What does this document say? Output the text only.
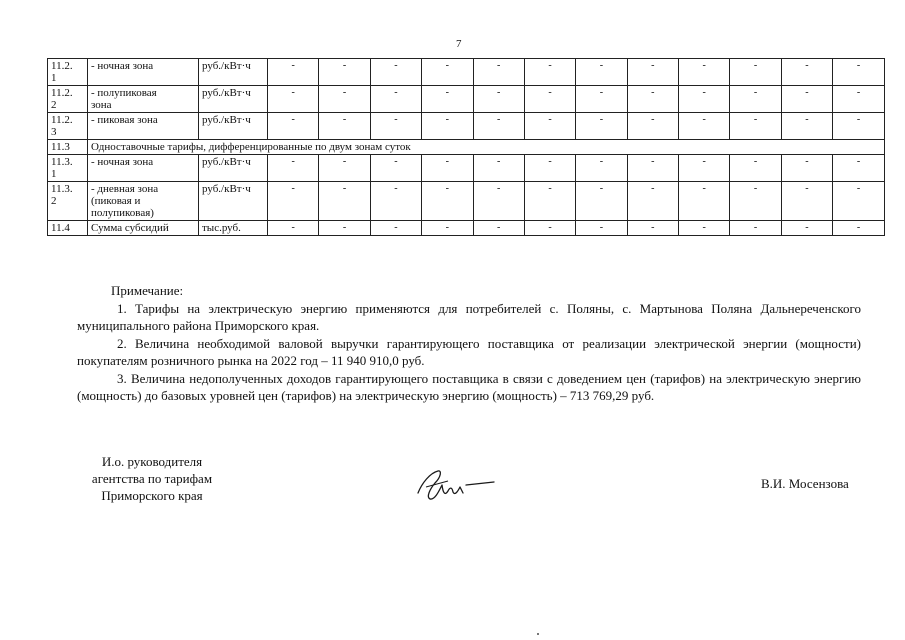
7
11.2.
1	- ночная зона	руб./кВт·ч	-	-	-	-	-	-	-	-	-	-	-	-
11.2.
2	- полупиковая
зона	руб./кВт·ч	-	-	-	-	-	-	-	-	-	-	-	-
11.2.
3	- пиковая зона	руб./кВт·ч	-	-	-	-	-	-	-	-	-	-	-	-
11.3	Одноставочные тарифы, дифференцированные по двум зонам суток													
11.3.
1	- ночная зона	руб./кВт·ч	-	-	-	-	-	-	-	-	-	-	-	-
11.3.
2	- дневная зона
(пиковая и
полупиковая)	руб./кВт·ч	-	-	-	-	-	-	-	-	-	-	-	-
11.4	Сумма субсидий	тыс.руб.	-	-	-	-	-	-	-	-	-	-	-	-

Примечание:

1. Тарифы на электрическую энергию применяются для потребителей с. Поляны, с. Мартынова Поляна Дальнереченского муниципального района Приморского края.

2. Величина необходимой валовой выручки гарантирующего поставщика от реализации электрической энергии (мощности) покупателям розничного рынка на 2022 год – 11 940 910,0 руб.

3. Величина недополученных доходов гарантирующего поставщика в связи с доведением цен (тарифов) на электрическую энергию (мощность) до базовых уровней цен (тарифов) на электрическую энергию (мощность) – 713 769,29 руб.

И.о. руководителя
агентства по тарифам
Приморского края
В.И. Мосензова
